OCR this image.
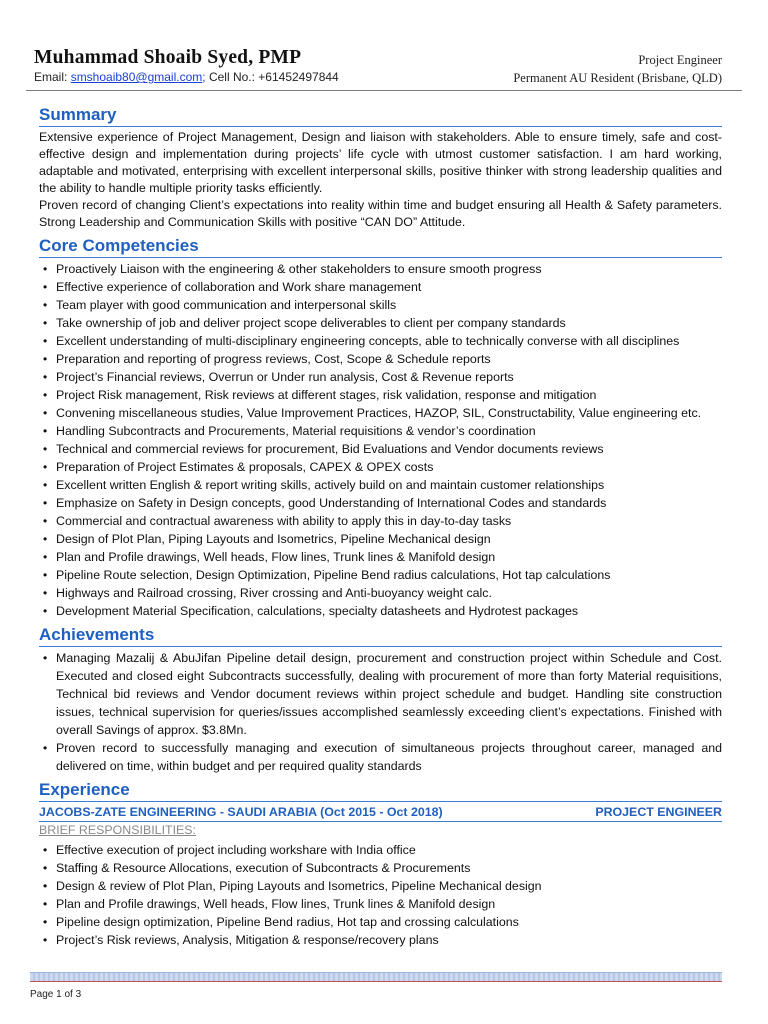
Muhammad Shoaib Syed, PMP	Project Engineer
Email: smshoaib80@gmail.com; Cell No.: +61452497844	Permanent AU Resident (Brisbane, QLD)
Summary

Extensive experience of Project Management, Design and liaison with stakeholders. Able to ensure timely, safe and cost-effective design and implementation during projects’ life cycle with utmost customer satisfaction. I am hard working, adaptable and motivated, enterprising with excellent interpersonal skills, positive thinker with strong leadership qualities and the ability to handle multiple priority tasks efficiently.

Proven record of changing Client’s expectations into reality within time and budget ensuring all Health & Safety parameters. Strong Leadership and Communication Skills with positive “CAN DO” Attitude.

Core Competencies
• Proactively Liaison with the engineering & other stakeholders to ensure smooth progress
• Effective experience of collaboration and Work share management
• Team player with good communication and interpersonal skills
• Take ownership of job and deliver project scope deliverables to client per company standards
• Excellent understanding of multi-disciplinary engineering concepts, able to technically converse with all disciplines
• Preparation and reporting of progress reviews, Cost, Scope & Schedule reports
• Project’s Financial reviews, Overrun or Under run analysis, Cost & Revenue reports
• Project Risk management, Risk reviews at different stages, risk validation, response and mitigation
• Convening miscellaneous studies, Value Improvement Practices, HAZOP, SIL, Constructability, Value engineering etc.
• Handling Subcontracts and Procurements, Material requisitions & vendor’s coordination
• Technical and commercial reviews for procurement, Bid Evaluations and Vendor documents reviews
• Preparation of Project Estimates & proposals, CAPEX & OPEX costs
• Excellent written English & report writing skills, actively build on and maintain customer relationships
• Emphasize on Safety in Design concepts, good Understanding of International Codes and standards
• Commercial and contractual awareness with ability to apply this in day-to-day tasks
• Design of Plot Plan, Piping Layouts and Isometrics, Pipeline Mechanical design
• Plan and Profile drawings, Well heads, Flow lines, Trunk lines & Manifold design
• Pipeline Route selection, Design Optimization, Pipeline Bend radius calculations, Hot tap calculations
• Highways and Railroad crossing, River crossing and Anti-buoyancy weight calc.
• Development Material Specification, calculations, specialty datasheets and Hydrotest packages
Achievements
• Managing Mazalij & AbuJifan Pipeline detail design, procurement and construction project within Schedule and Cost. Executed and closed eight Subcontracts successfully, dealing with procurement of more than forty Material requisitions, Technical bid reviews and Vendor document reviews within project schedule and budget. Handling site construction issues, technical supervision for queries/issues accomplished seamlessly exceeding client’s expectations. Finished with overall Savings of approx. $3.8Mn.
• Proven record to successfully managing and execution of simultaneous projects throughout career, managed and delivered on time, within budget and per required quality standards
Experience
JACOBS-ZATE ENGINEERING - SAUDI ARABIA (Oct 2015 - Oct 2018)	PROJECT ENGINEER
BRIEF RESPONSIBILITIES:
• Effective execution of project including workshare with India office
• Staffing & Resource Allocations, execution of Subcontracts & Procurements
• Design & review of Plot Plan, Piping Layouts and Isometrics, Pipeline Mechanical design
• Plan and Profile drawings, Well heads, Flow lines, Trunk lines & Manifold design
• Pipeline design optimization, Pipeline Bend radius, Hot tap and crossing calculations
• Project’s Risk reviews, Analysis, Mitigation & response/recovery plans
Page 1 of 3
